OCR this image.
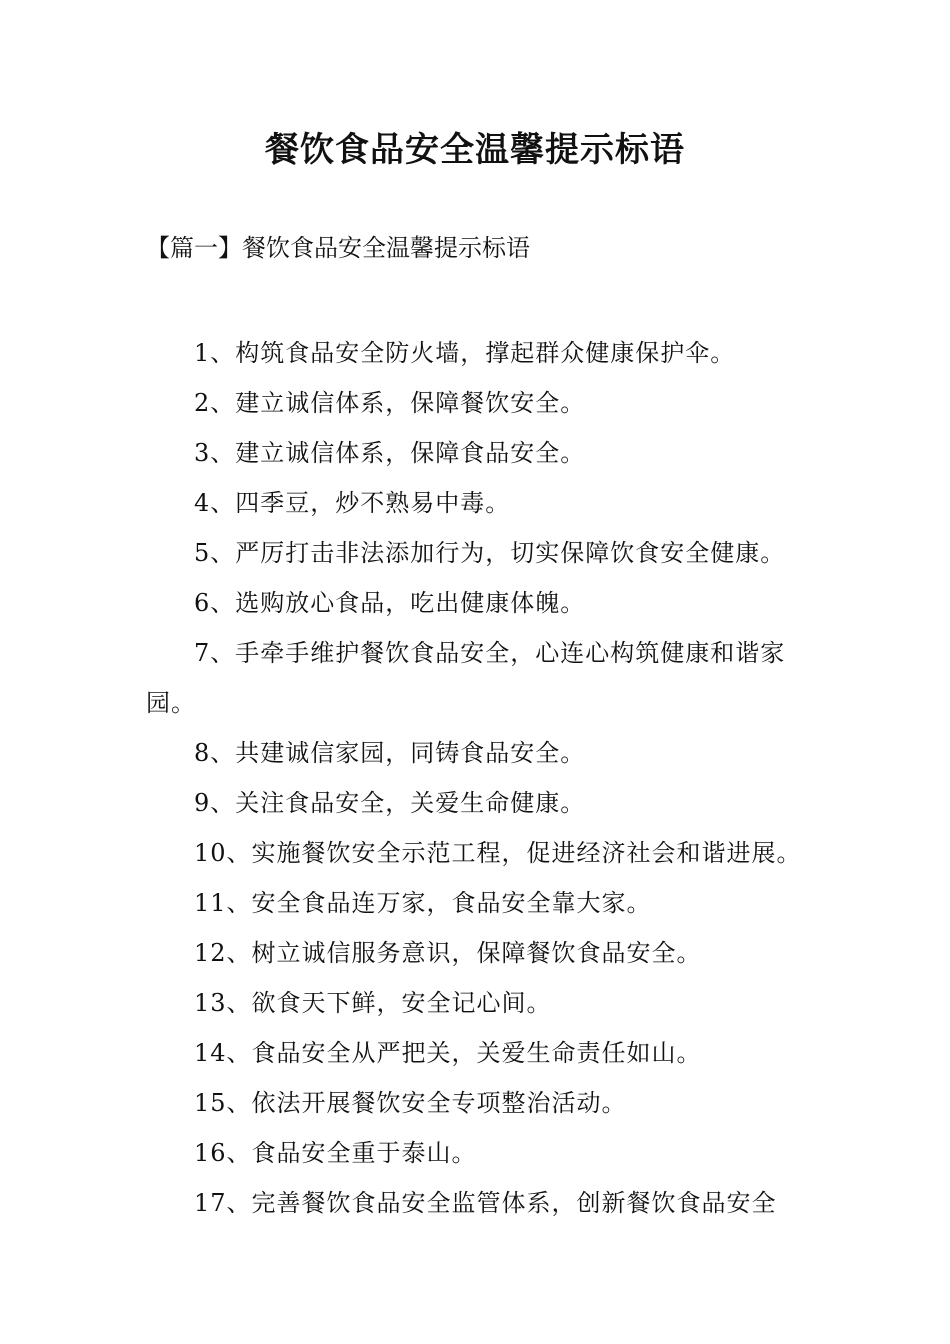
餐饮食品安全温馨提示标语
【篇一】餐饮食品安全温馨提示标语
1、构筑食品安全防火墙，撑起群众健康保护伞。
2、建立诚信体系，保障餐饮安全。
3、建立诚信体系，保障食品安全。
4、四季豆，炒不熟易中毒。
5、严厉打击非法添加行为，切实保障饮食安全健康。
6、选购放心食品，吃出健康体魄。
7、手牵手维护餐饮食品安全，心连心构筑健康和谐家
园。
8、共建诚信家园，同铸食品安全。
9、关注食品安全，关爱生命健康。
10、实施餐饮安全示范工程，促进经济社会和谐进展。
11、安全食品连万家，食品安全靠大家。
12、树立诚信服务意识，保障餐饮食品安全。
13、欲食天下鲜，安全记心间。
14、食品安全从严把关，关爱生命责任如山。
15、依法开展餐饮安全专项整治活动。
16、食品安全重于泰山。
17、完善餐饮食品安全监管体系，创新餐饮食品安全
